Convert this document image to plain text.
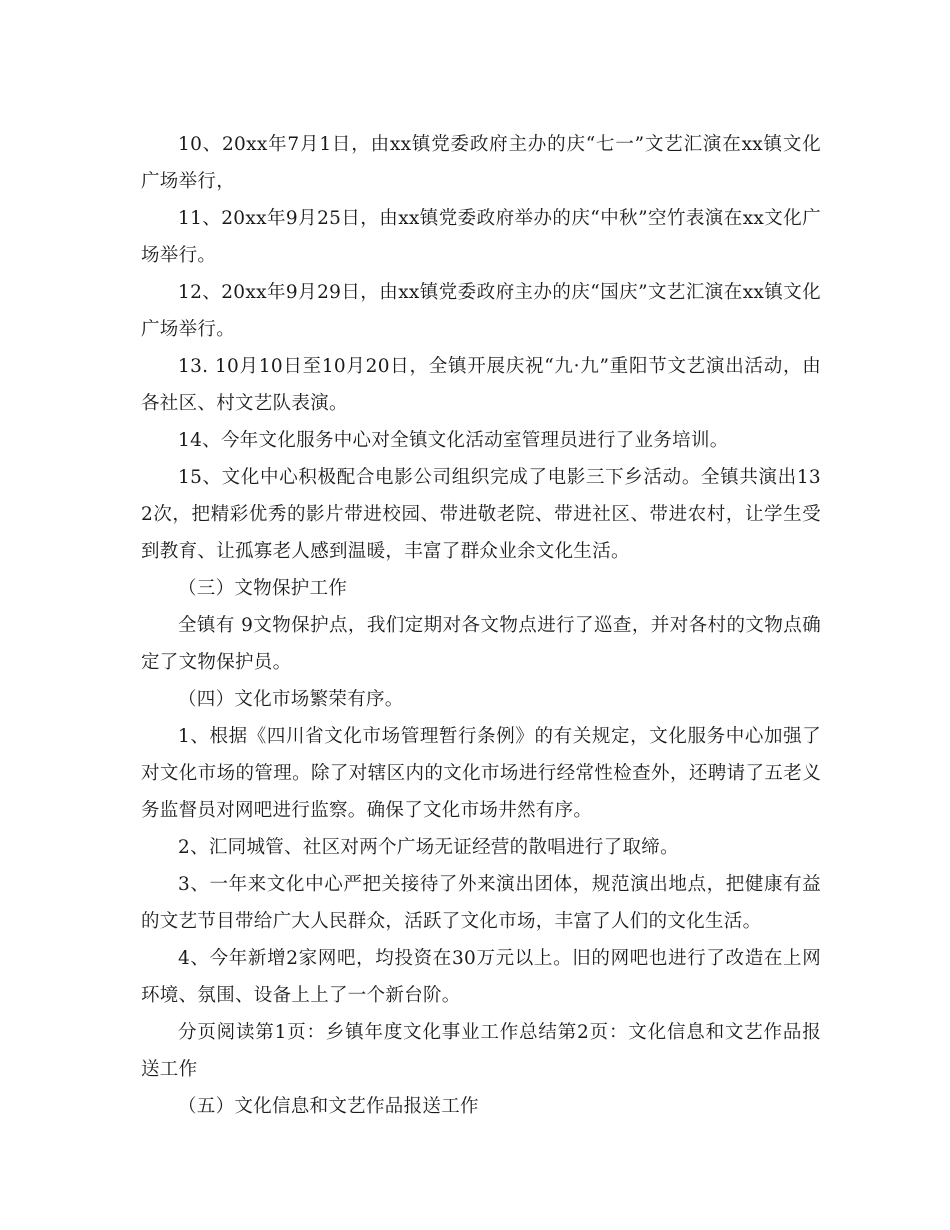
10、20xx年7月1日，由xx镇党委政府主办的庆“七一”文艺汇演在xx镇文化广场举行，

11、20xx年9月25日，由xx镇党委政府举办的庆“中秋”空竹表演在xx文化广场举行。

12、20xx年9月29日，由xx镇党委政府主办的庆“国庆”文艺汇演在xx镇文化广场举行。

13. 10月10日至10月20日，全镇开展庆祝“九·九”重阳节文艺演出活动，由各社区、村文艺队表演。

14、今年文化服务中心对全镇文化活动室管理员进行了业务培训。

15、文化中心积极配合电影公司组织完成了电影三下乡活动。全镇共演出132次，把精彩优秀的影片带进校园、带进敬老院、带进社区、带进农村，让学生受到教育、让孤寡老人感到温暖，丰富了群众业余文化生活。

（三）文物保护工作

全镇有 9文物保护点，我们定期对各文物点进行了巡查，并对各村的文物点确定了文物保护员。

（四）文化市场繁荣有序。

1、根据《四川省文化市场管理暂行条例》的有关规定，文化服务中心加强了对文化市场的管理。除了对辖区内的文化市场进行经常性检查外，还聘请了五老义务监督员对网吧进行监察。确保了文化市场井然有序。

2、汇同城管、社区对两个广场无证经营的散唱进行了取缔。

3、一年来文化中心严把关接待了外来演出团体，规范演出地点，把健康有益的文艺节目带给广大人民群众，活跃了文化市场，丰富了人们的文化生活。

4、今年新增2家网吧，均投资在30万元以上。旧的网吧也进行了改造在上网环境、氛围、设备上上了一个新台阶。

分页阅读第1页：乡镇年度文化事业工作总结第2页：文化信息和文艺作品报送工作

（五）文化信息和文艺作品报送工作
